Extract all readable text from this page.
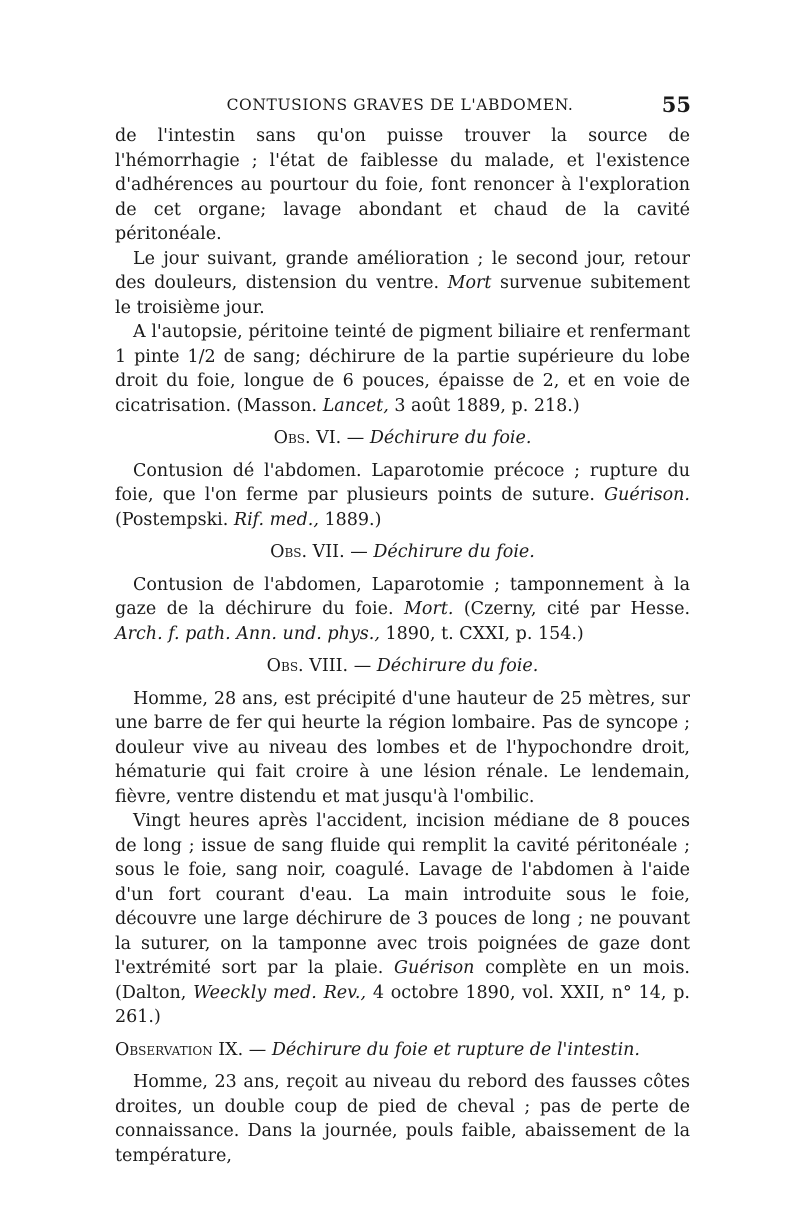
CONTUSIONS GRAVES DE L'ABDOMEN.	55

de l'intestin sans qu'on puisse trouver la source de l'hémorrhagie ; l'état de faiblesse du malade, et l'existence d'adhérences au pourtour du foie, font renoncer à l'exploration de cet organe; lavage abondant et chaud de la cavité péritonéale.

Le jour suivant, grande amélioration ; le second jour, retour des douleurs, distension du ventre. Mort survenue subitement le troisième jour.

A l'autopsie, péritoine teinté de pigment biliaire et renfermant 1 pinte 1/2 de sang; déchirure de la partie supérieure du lobe droit du foie, longue de 6 pouces, épaisse de 2, et en voie de cicatrisation. (Masson. Lancet, 3 août 1889, p. 218.)

Obs. VI. — Déchirure du foie.

Contusion dé l'abdomen. Laparotomie précoce ; rupture du foie, que l'on ferme par plusieurs points de suture. Guérison.(Postempski. Rif. med., 1889.)

Obs. VII. — Déchirure du foie.

Contusion de l'abdomen, Laparotomie ; tamponnement à la gaze de la déchirure du foie. Mort. (Czerny, cité par Hesse. Arch. f. path. Ann. und. phys., 1890, t. CXXI, p. 154.)

Obs. VIII. — Déchirure du foie.

Homme, 28 ans, est précipité d'une hauteur de 25 mètres, sur une barre de fer qui heurte la région lombaire. Pas de syncope ; douleur vive au niveau des lombes et de l'hypochondre droit, hématurie qui fait croire à une lésion rénale. Le lendemain, fièvre, ventre distendu et mat jusqu'à l'ombilic.

Vingt heures après l'accident, incision médiane de 8 pouces de long ; issue de sang fluide qui remplit la cavité péritonéale ; sous le foie, sang noir, coagulé. Lavage de l'abdomen à l'aide d'un fort courant d'eau. La main introduite sous le foie, découvre une large déchirure de 3 pouces de long ; ne pouvant la suturer, on la tamponne avec trois poignées de gaze dont l'extrémité sort par la plaie. Guérison complète en un mois. (Dalton, Weeckly med. Rev., 4 octobre 1890, vol. XXII, n° 14, p. 261.)

Observation IX. — Déchirure du foie et rupture de l'intestin.

Homme, 23 ans, reçoit au niveau du rebord des fausses côtes droites, un double coup de pied de cheval ; pas de perte de connaissance. Dans la journée, pouls faible, abaissement de la température,
